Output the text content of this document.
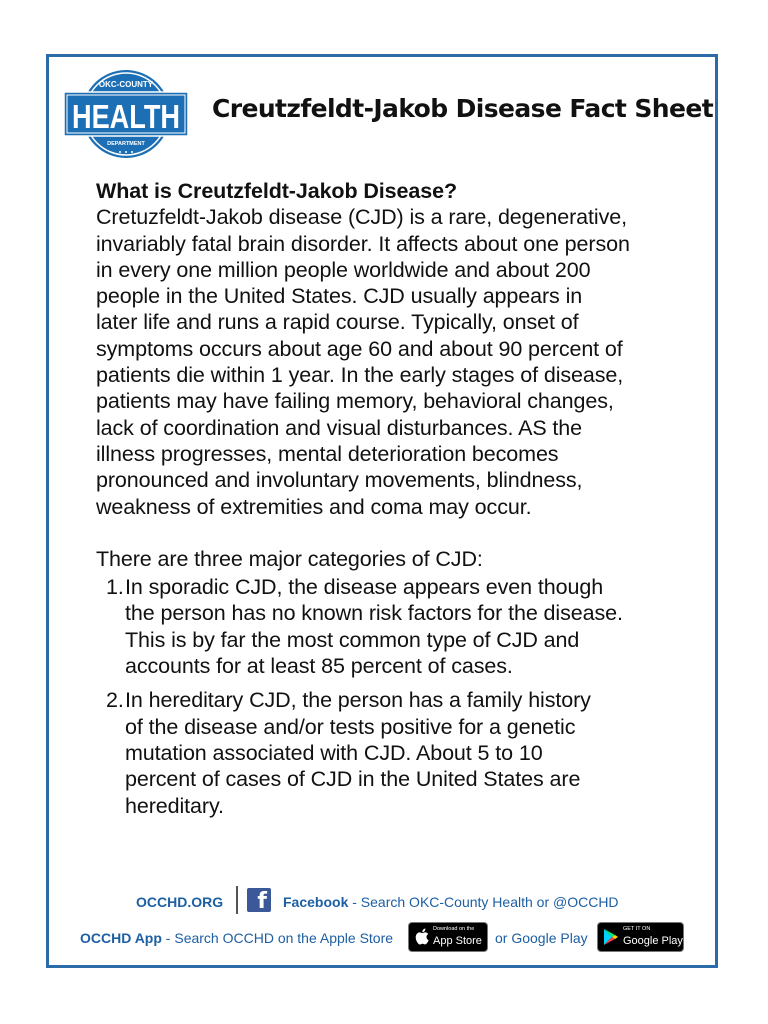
OKC-COUNTY
HEALTH
DEPARTMENT
Creutzfeldt-Jakob Disease Fact Sheet
What is Creutzfeldt-Jakob Disease?
Cretuzfeldt-Jakob disease (CJD) is a rare, degenerative,
invariably fatal brain disorder. It affects about one person
in every one million people worldwide and about 200
people in the United States. CJD usually appears in
later life and runs a rapid course. Typically, onset of
symptoms occurs about age 60 and about 90 percent of
patients die within 1 year. In the early stages of disease,
patients may have failing memory, behavioral changes,
lack of coordination and visual disturbances. AS the
illness progresses, mental deterioration becomes
pronounced and involuntary movements, blindness,
weakness of extremities and coma may occur.
There are three major categories of CJD:
1. In sporadic CJD, the disease appears even though
the person has no known risk factors for the disease.
This is by far the most common type of CJD and
accounts for at least 85 percent of cases.
2. In hereditary CJD, the person has a family history
of the disease and/or tests positive for a genetic
mutation associated with CJD. About 5 to 10
percent of cases of CJD in the United States are
hereditary.
OCCHD.ORG f Facebook - Search OKC-County Health or @OCCHD
OCCHD App - Search OCCHD on the Apple Store
Download on the
App Store or Google Play
GET IT ON
Google Play
